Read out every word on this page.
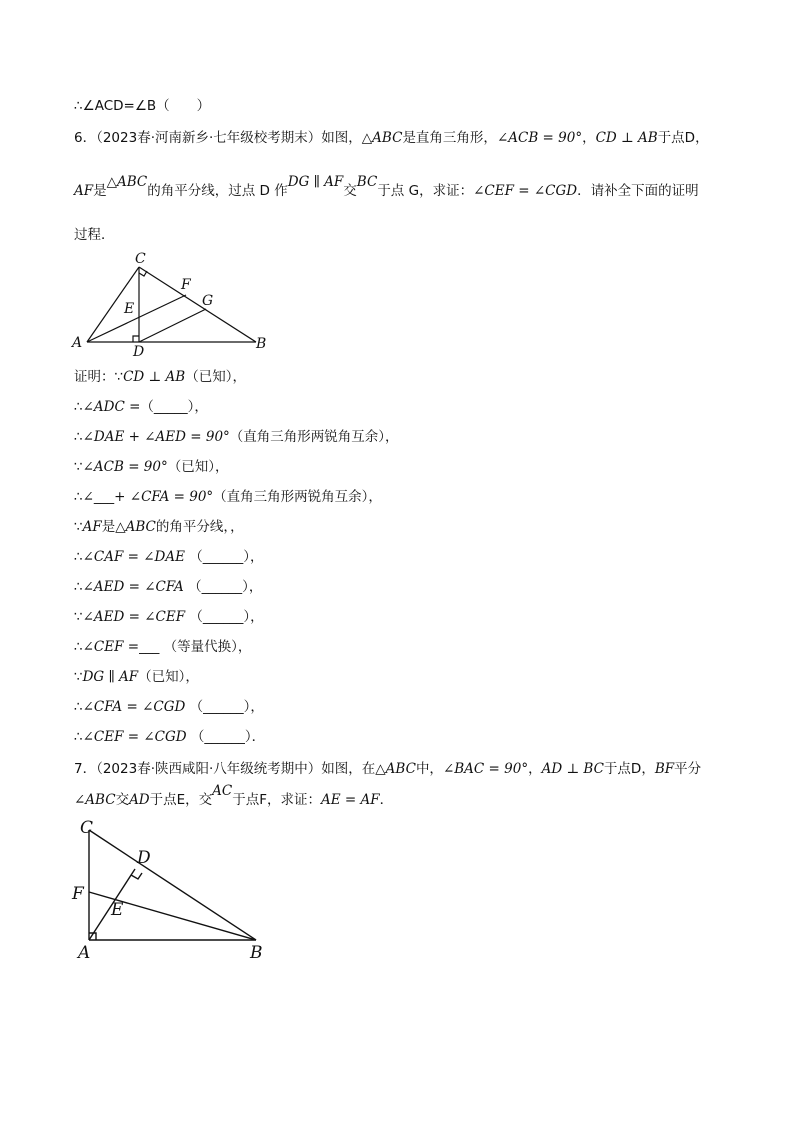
∴∠ACD=∠B（　　）
6．（2023春·河南新乡·七年级校考期末）如图，△ABC是直角三角形，∠ACB = 90°，CD ⊥ AB于点D，
AF是△ABC的角平分线，过点 D 作DG ∥ AF交BC于点 G，求证：∠CEF = ∠CGD．请补全下面的证明
过程．
C
F
G
E
A
D	B
证明：∵CD ⊥ AB（已知），
∴∠ADC =（_____），
∴∠DAE + ∠AED = 90°（直角三角形两锐角互余），
∵∠ACB = 90°（已知），
∴∠___+ ∠CFA = 90°（直角三角形两锐角互余），
∵AF是△ABC的角平分线，，
∴∠CAF = ∠DAE （______），
∴∠AED = ∠CFA （______），
∵∠AED = ∠CEF （______），
∴∠CEF =___ （等量代换），
∵DG ∥ AF（已知），
∴∠CFA = ∠CGD （______），
∴∠CEF = ∠CGD （______）．
7．（2023春·陕西咸阳·八年级统考期中）如图，在△ABC中，∠BAC = 90°，AD ⊥ BC于点D，BF平分
∠ABC交AD于点E，交AC于点F，求证：AE = AF．
C
D
F
E
A	B
